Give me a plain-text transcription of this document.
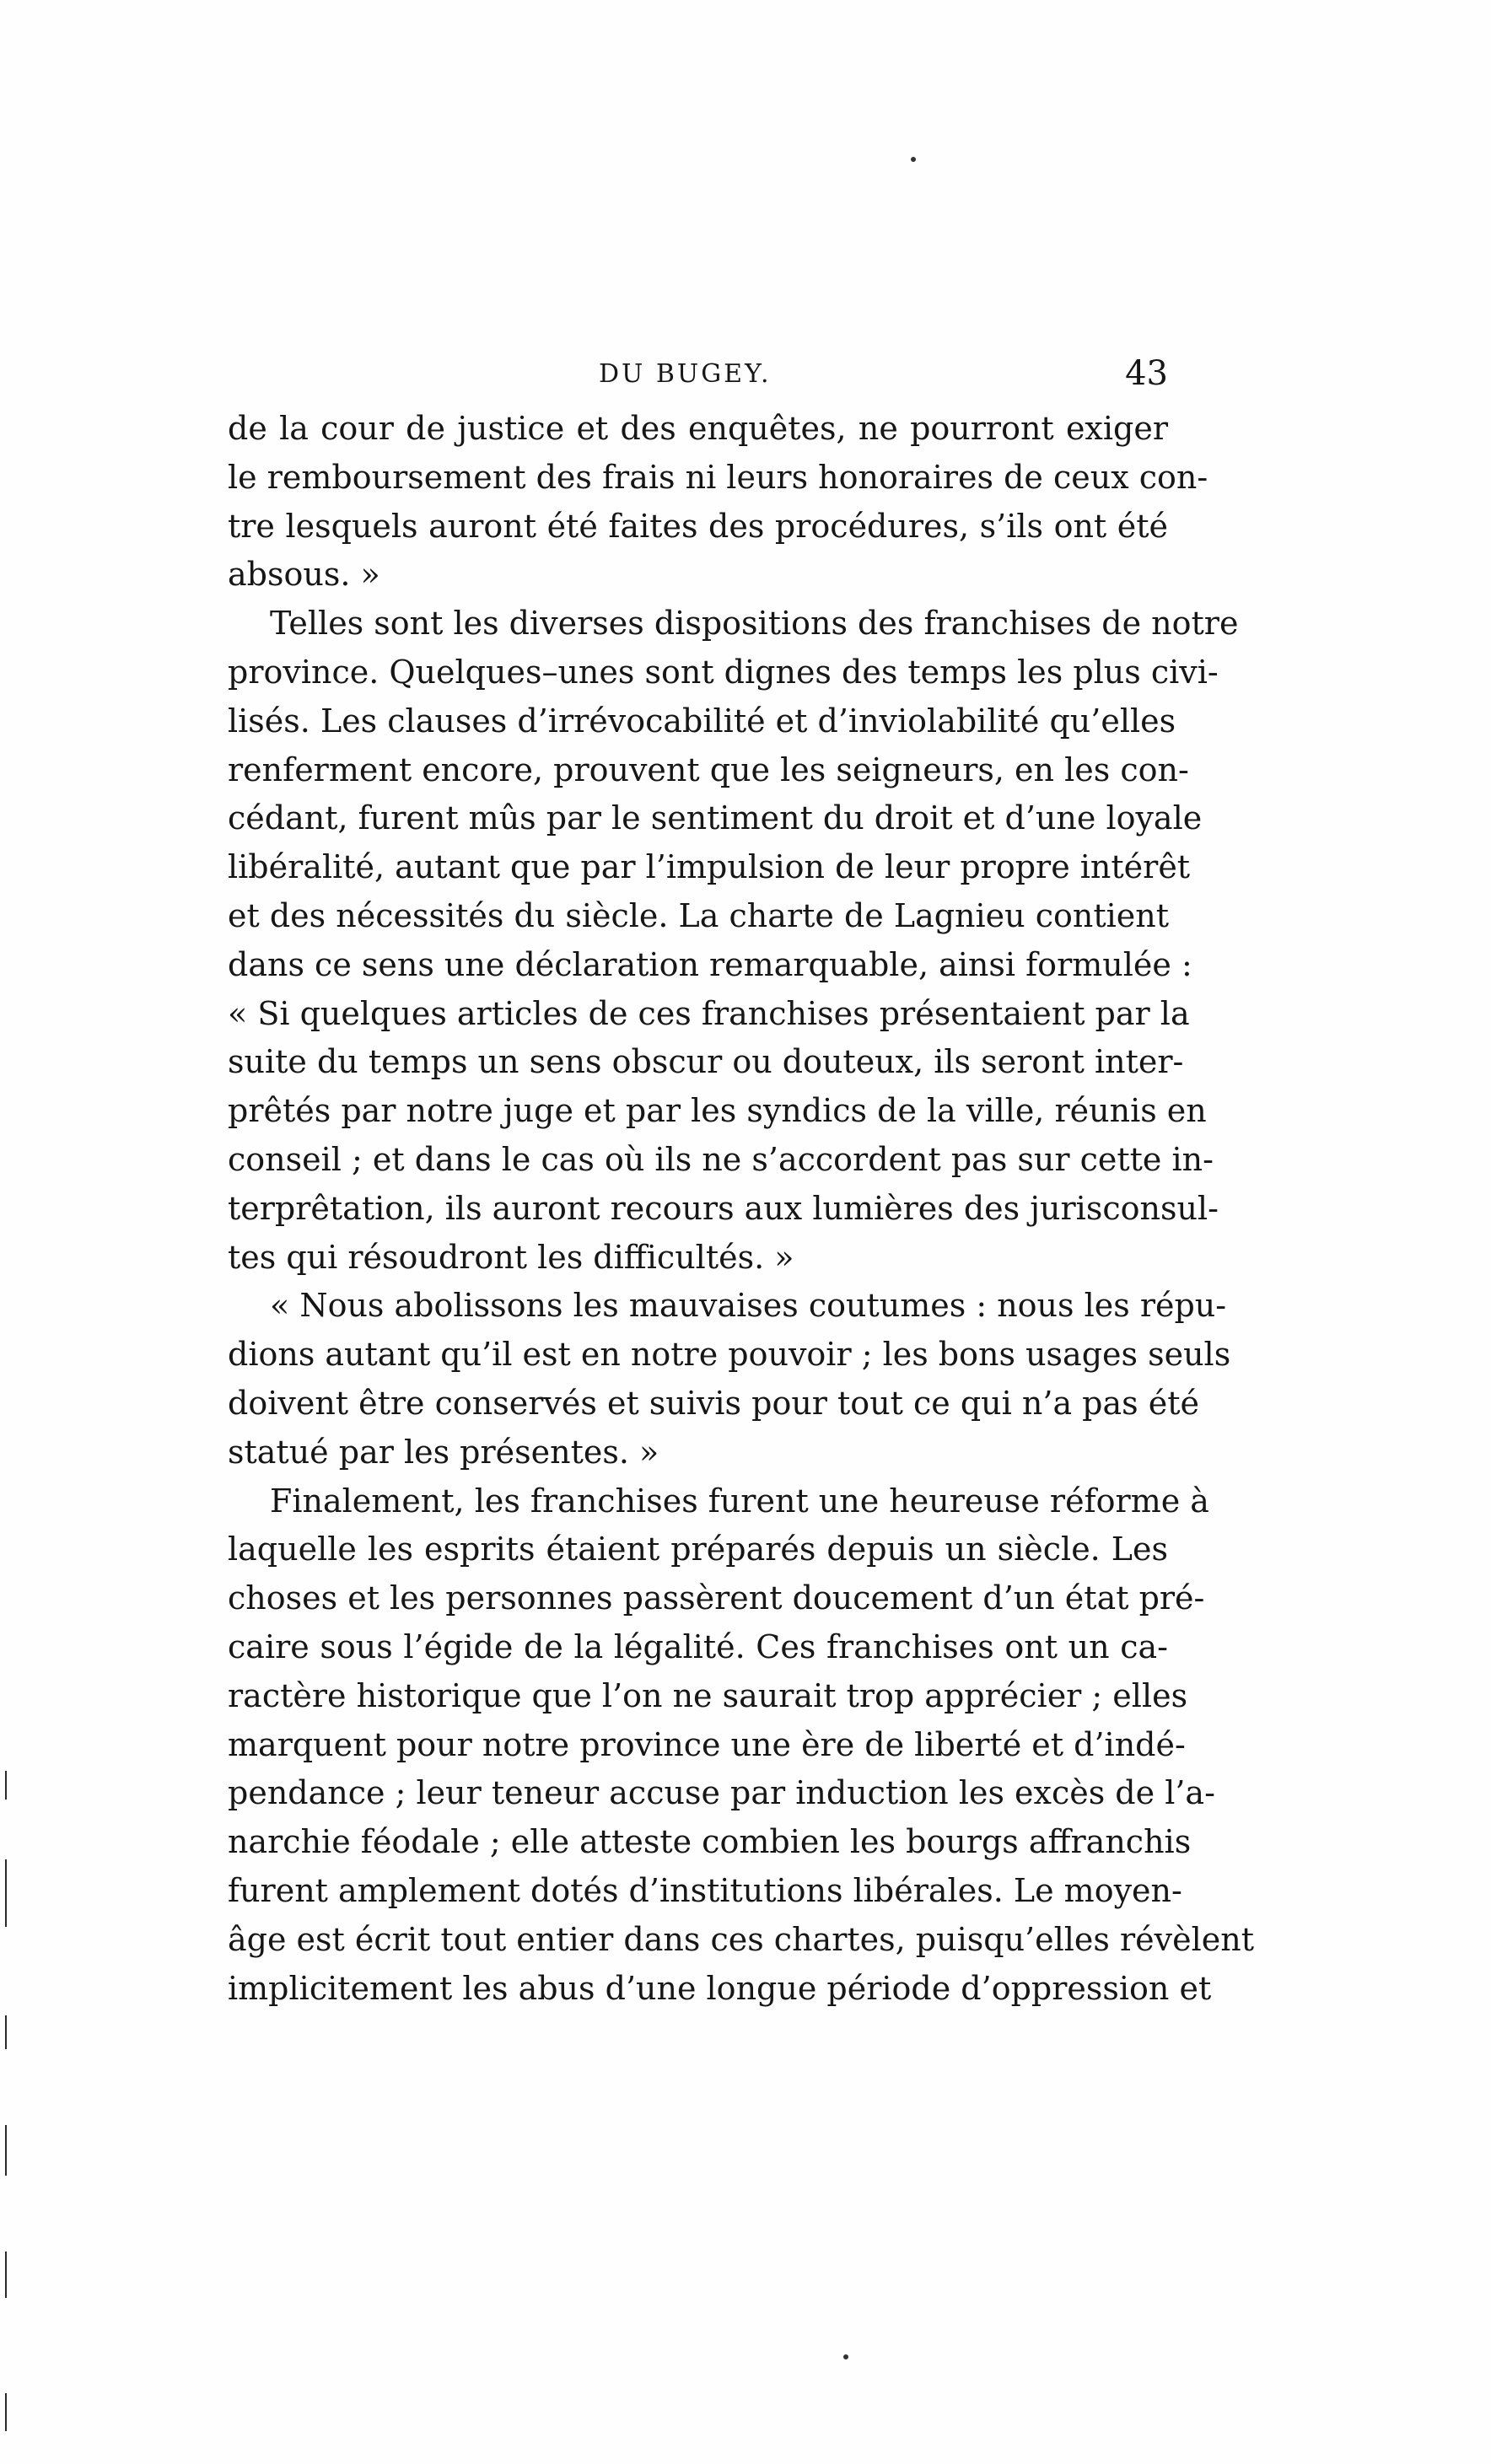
DU BUGEY.	43
de la cour de justice et des enquêtes, ne pourront exiger
le remboursement des frais ni leurs honoraires de ceux con-
tre lesquels auront été faites des procédures, s’ils ont été
absous. »
Telles sont les diverses dispositions des franchises de notre
province. Quelques–unes sont dignes des temps les plus civi-
lisés. Les clauses d’irrévocabilité et d’inviolabilité qu’elles
renferment encore, prouvent que les seigneurs, en les con-
cédant, furent mûs par le sentiment du droit et d’une loyale
libéralité, autant que par l’impulsion de leur propre intérêt
et des nécessités du siècle. La charte de Lagnieu contient
dans ce sens une déclaration remarquable, ainsi formulée :
« Si quelques articles de ces franchises présentaient par la
suite du temps un sens obscur ou douteux, ils seront inter-
prêtés par notre juge et par les syndics de la ville, réunis en
conseil ; et dans le cas où ils ne s’accordent pas sur cette in-
terprêtation, ils auront recours aux lumières des jurisconsul-
tes qui résoudront les difficultés. »
« Nous abolissons les mauvaises coutumes : nous les répu-
dions autant qu’il est en notre pouvoir ; les bons usages seuls
doivent être conservés et suivis pour tout ce qui n’a pas été
statué par les présentes. »
Finalement, les franchises furent une heureuse réforme à
laquelle les esprits étaient préparés depuis un siècle. Les
choses et les personnes passèrent doucement d’un état pré-
caire sous l’égide de la légalité. Ces franchises ont un ca-
ractère historique que l’on ne saurait trop apprécier ; elles
marquent pour notre province une ère de liberté et d’indé-
pendance ; leur teneur accuse par induction les excès de l’a-
narchie féodale ; elle atteste combien les bourgs affranchis
furent amplement dotés d’institutions libérales. Le moyen-
âge est écrit tout entier dans ces chartes, puisqu’elles révèlent
implicitement les abus d’une longue période d’oppression et
